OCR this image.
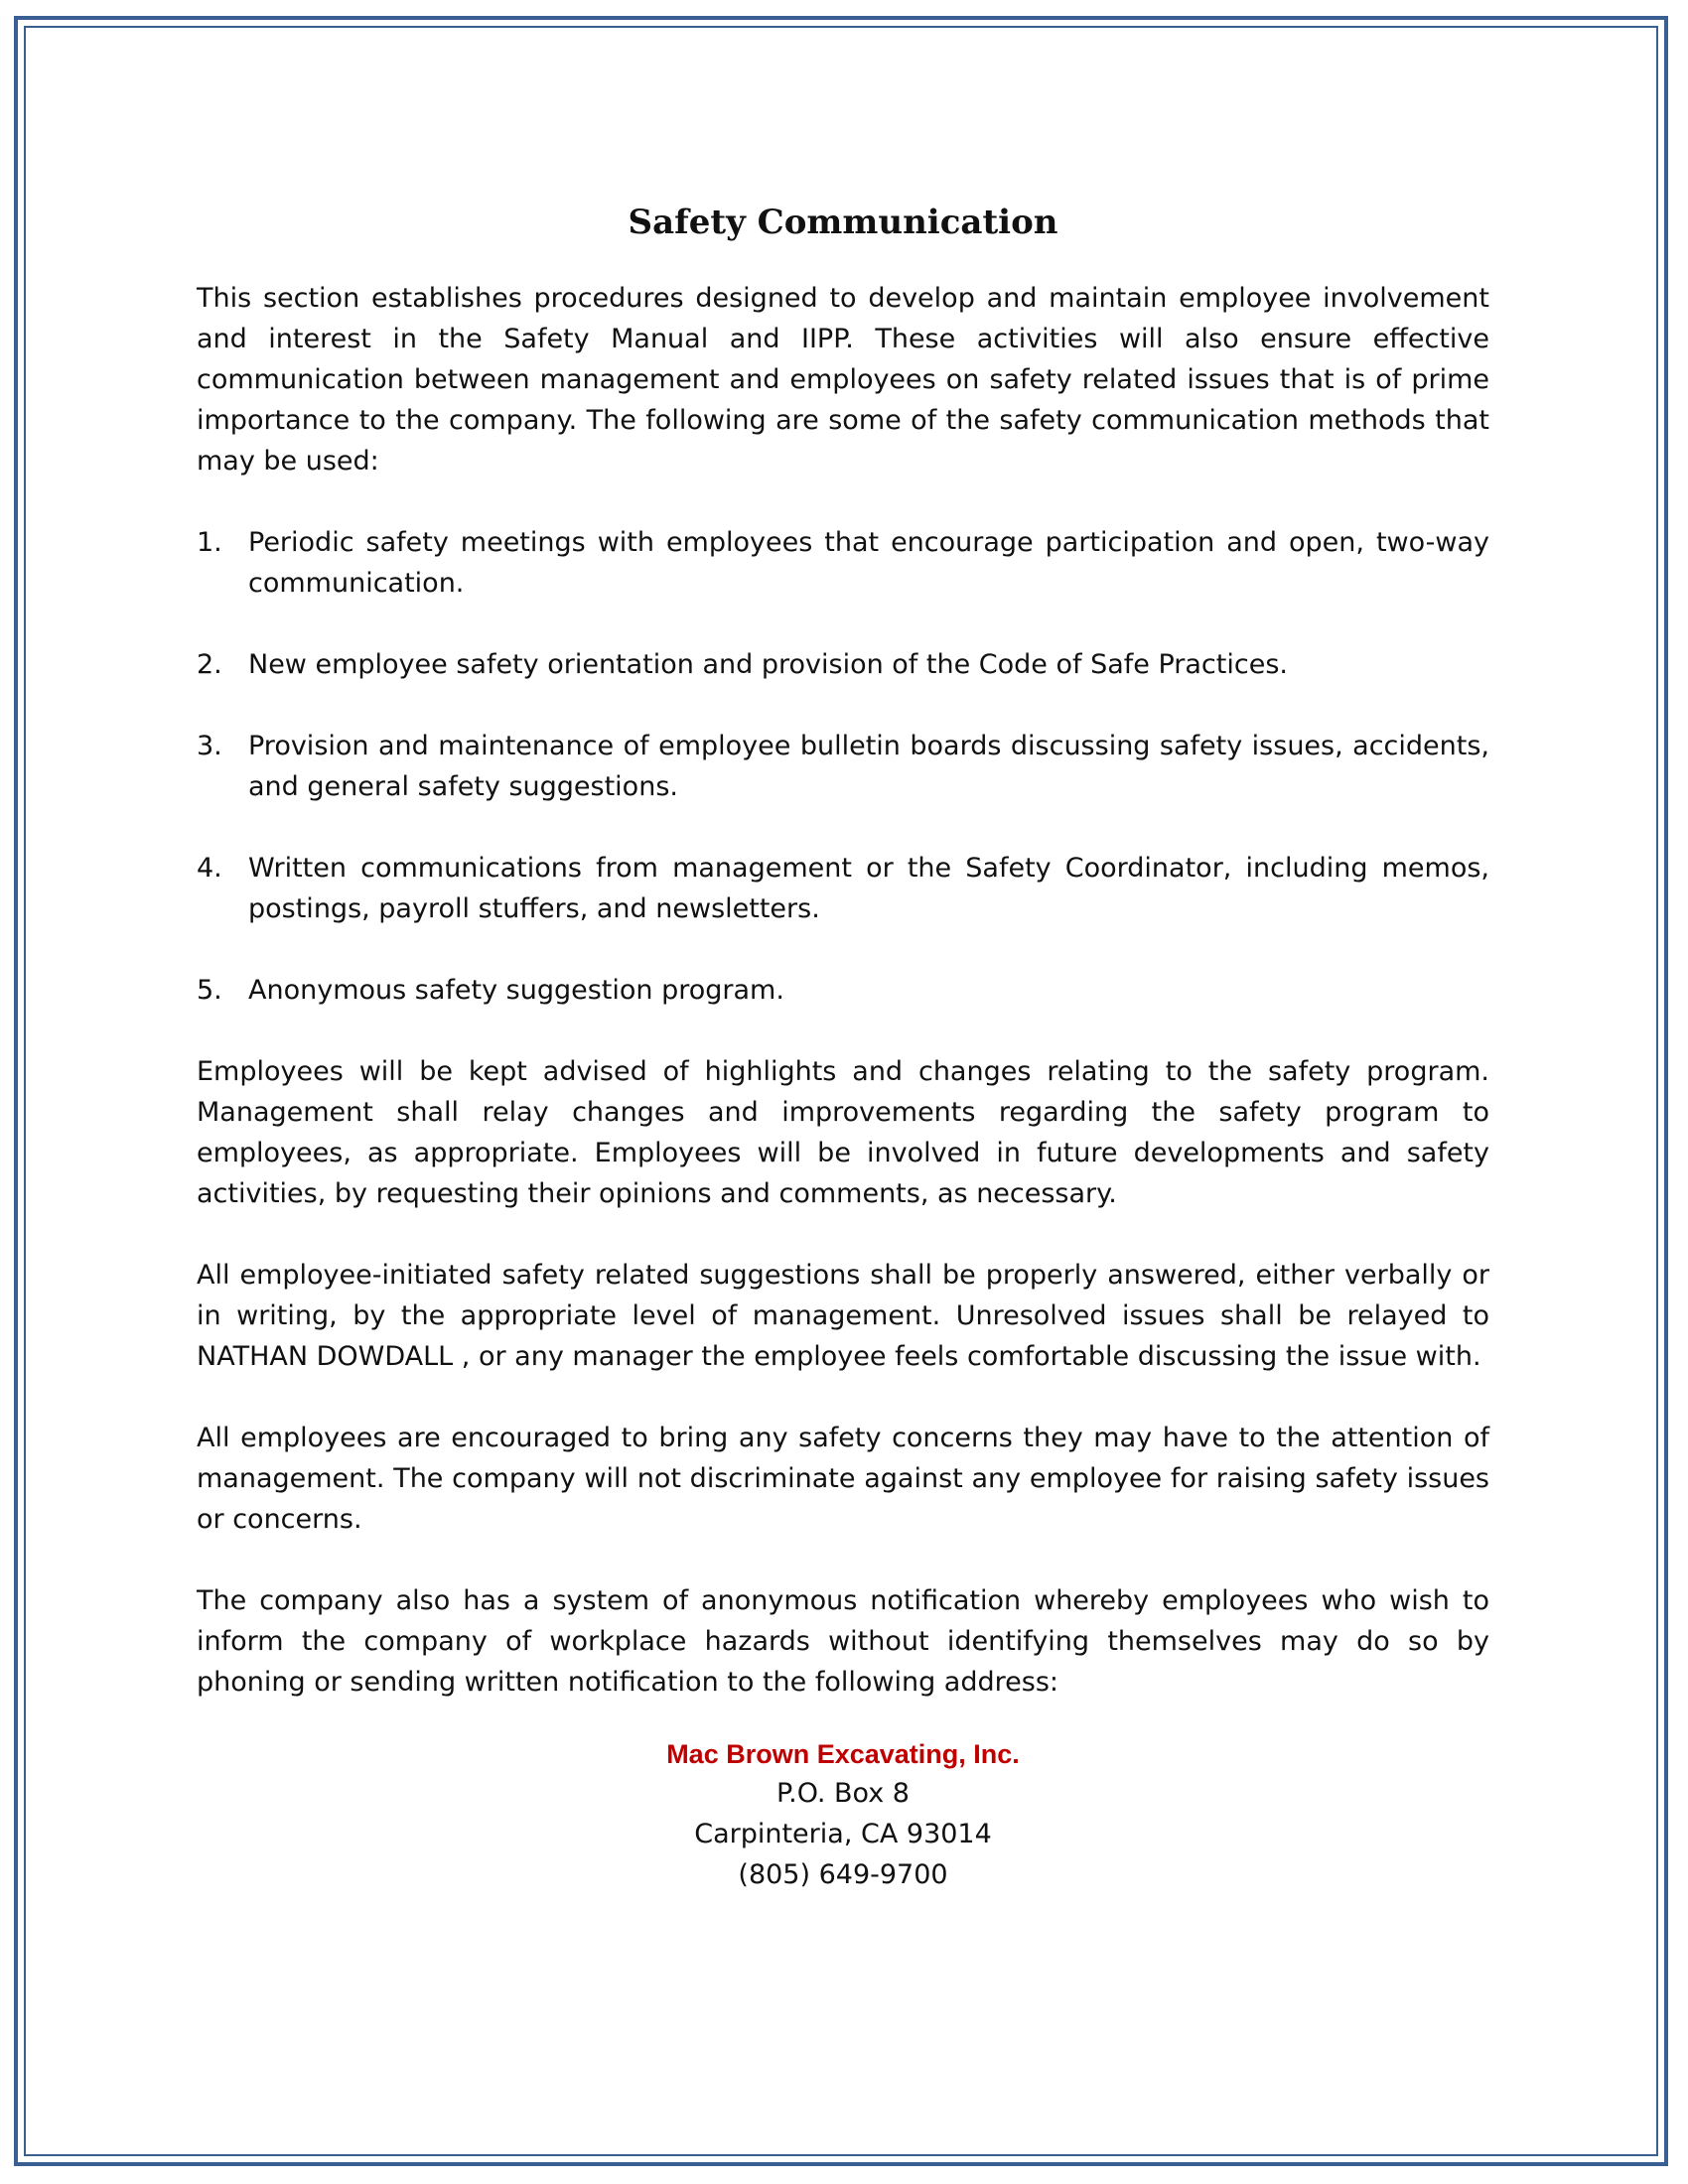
Safety Communication

This section establishes procedures designed to develop and maintain employee involvement and interest in the Safety Manual and IIPP. These activities will also ensure effective communication between management and employees on safety related issues that is of prime importance to the company. The following are some of the safety communication methods that may be used:

1. Periodic safety meetings with employees that encourage participation and open, two-way communication.
2. New employee safety orientation and provision of the Code of Safe Practices.
3. Provision and maintenance of employee bulletin boards discussing safety issues, accidents, and general safety suggestions.
4. Written communications from management or the Safety Coordinator, including memos, postings, payroll stuffers, and newsletters.
5. Anonymous safety suggestion program.

Employees will be kept advised of highlights and changes relating to the safety program. Management shall relay changes and improvements regarding the safety program to employees, as appropriate. Employees will be involved in future developments and safety activities, by requesting their opinions and comments, as necessary.

All employee-initiated safety related suggestions shall be properly answered, either verbally or in writing, by the appropriate level of management. Unresolved issues shall be relayed to NATHAN DOWDALL , or any manager the employee feels comfortable discussing the issue with.

All employees are encouraged to bring any safety concerns they may have to the attention of management. The company will not discriminate against any employee for raising safety issues or concerns.

The company also has a system of anonymous notification whereby employees who wish to inform the company of workplace hazards without identifying themselves may do so by phoning or sending written notification to the following address:

Mac Brown Excavating, Inc.
P.O. Box 8
Carpinteria, CA 93014
(805) 649-9700
